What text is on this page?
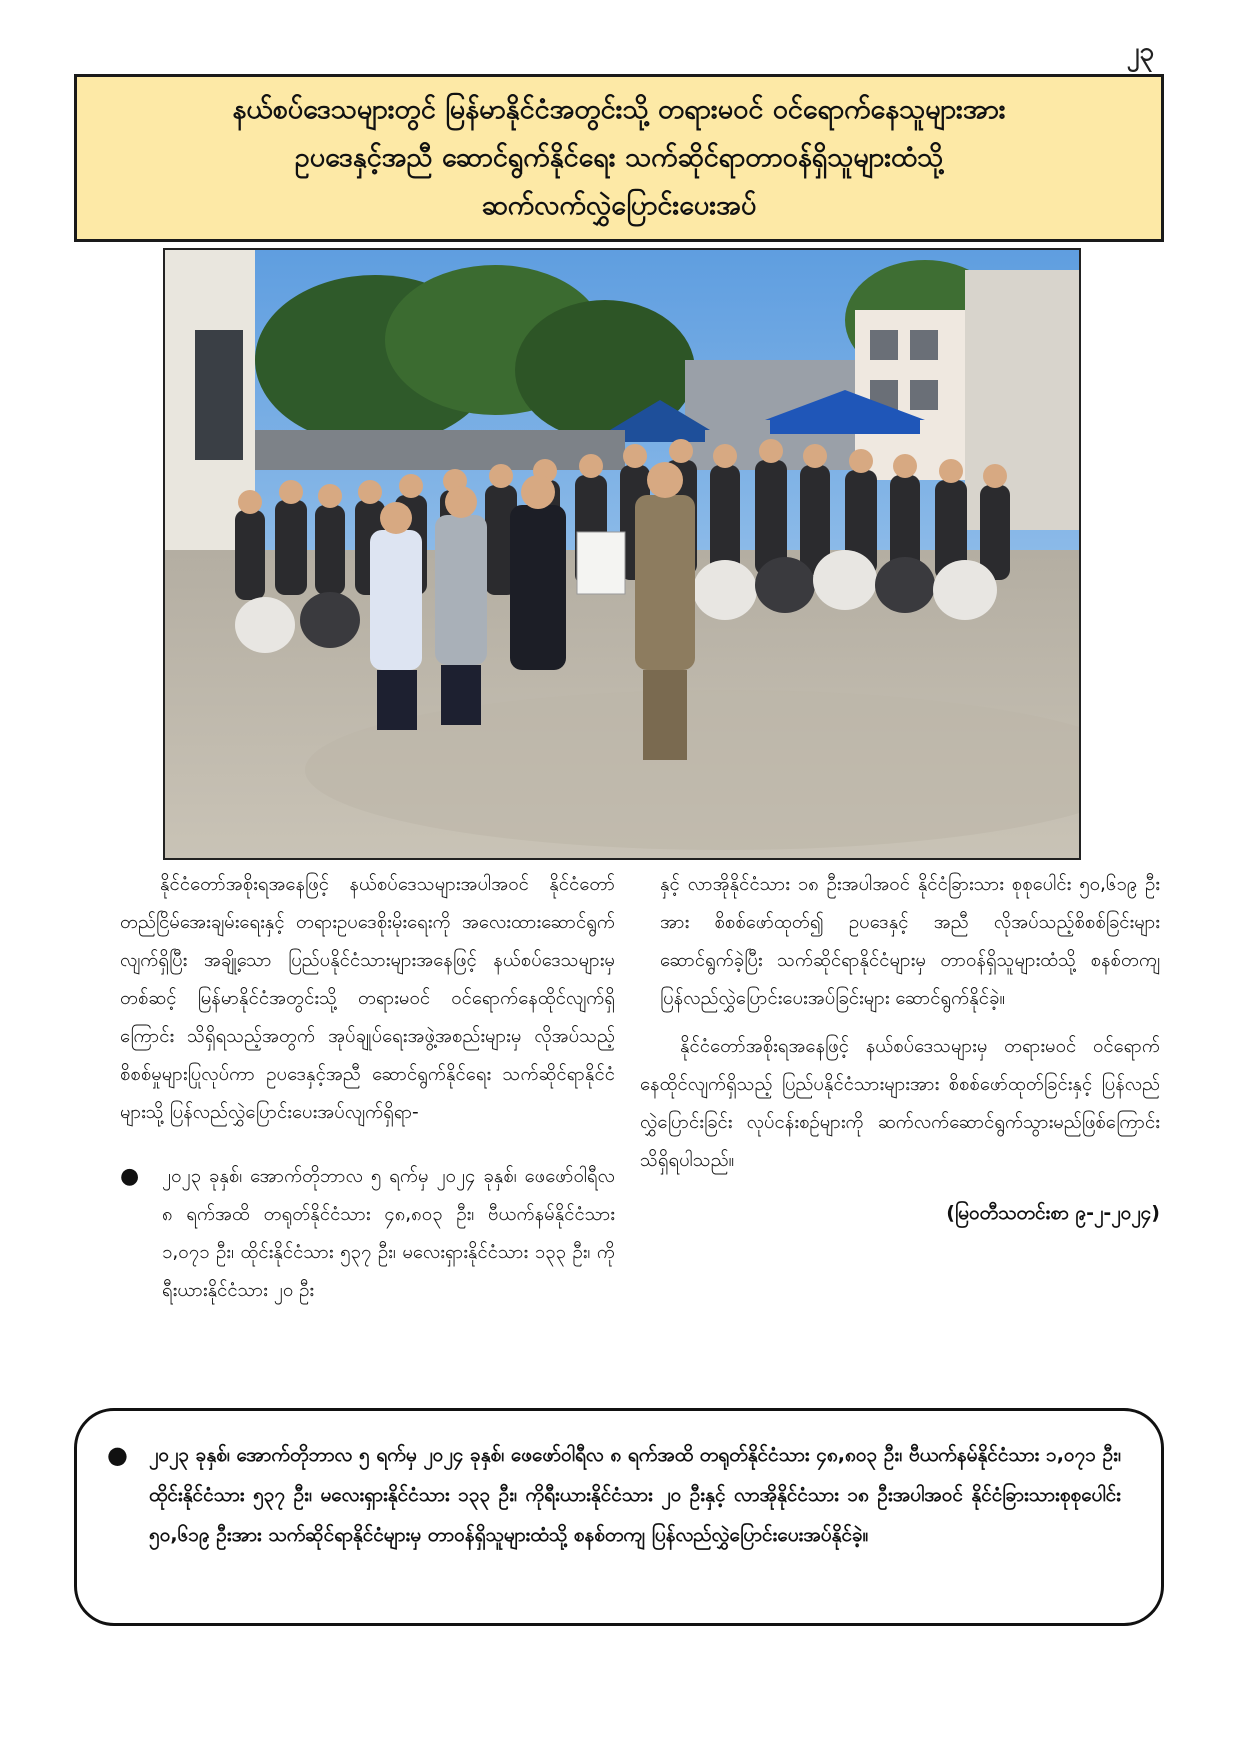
၂၃
နယ်စပ်ဒေသများတွင် မြန်မာနိုင်ငံအတွင်းသို့ တရားမဝင် ဝင်ရောက်နေသူများအား
ဥပဒေနှင့်အညီ ဆောင်ရွက်နိုင်ရေး သက်ဆိုင်ရာတာဝန်ရှိသူများထံသို့
ဆက်လက်လွှဲပြောင်းပေးအပ်

နိုင်ငံတော်အစိုးရအနေဖြင့် နယ်စပ်ဒေသများအပါအဝင် နိုင်ငံတော်တည်ငြိမ်အေးချမ်းရေးနှင့် တရားဥပဒေစိုးမိုးရေးကို အလေးထားဆောင်ရွက်လျက်ရှိပြီး အချို့သော ပြည်ပနိုင်ငံသားများအနေဖြင့် နယ်စပ်ဒေသများမှတစ်ဆင့် မြန်မာနိုင်ငံအတွင်းသို့ တရားမဝင် ဝင်ရောက်နေထိုင်လျက်ရှိကြောင်း သိရှိရသည့်အတွက် အုပ်ချုပ်ရေးအဖွဲ့အစည်းများမှ လိုအပ်သည့် စိစစ်မှုများပြုလုပ်ကာ ဥပဒေနှင့်အညီ ဆောင်ရွက်နိုင်ရေး သက်ဆိုင်ရာနိုင်ငံများသို့ ပြန်လည်လွှဲပြောင်းပေးအပ်လျက်ရှိရာ-

●	၂၀၂၃ ခုနှစ်၊ အောက်တိုဘာလ ၅ ရက်မှ ၂၀၂၄ ခုနှစ်၊ ဖေဖော်ဝါရီလ ၈ ရက်အထိ တရုတ်နိုင်ငံသား ၄၈,၈၀၃ ဦး၊ ဗီယက်နမ်နိုင်ငံသား ၁,၀၇၁ ဦး၊ ထိုင်းနိုင်ငံသား ၅၃၇ ဦး၊ မလေးရှားနိုင်ငံသား ၁၃၃ ဦး၊ ကိုရီးယားနိုင်ငံသား ၂၀ ဦး

နှင့် လာအိုနိုင်ငံသား ၁၈ ဦးအပါအဝင် နိုင်ငံခြားသား စုစုပေါင်း ၅၀,၆၁၉ ဦးအား စိစစ်ဖော်ထုတ်၍ ဥပဒေနှင့် အညီ လိုအပ်သည့်စိစစ်ခြင်းများ ဆောင်ရွက်ခဲ့ပြီး သက်ဆိုင်ရာနိုင်ငံများမှ တာဝန်ရှိသူများထံသို့ စနစ်တကျ ပြန်လည်လွှဲပြောင်းပေးအပ်ခြင်းများ ဆောင်ရွက်နိုင်ခဲ့။

နိုင်ငံတော်အစိုးရအနေဖြင့် နယ်စပ်ဒေသများမှ တရားမဝင် ဝင်ရောက်နေထိုင်လျက်ရှိသည့် ပြည်ပနိုင်ငံသားများအား စိစစ်ဖော်ထုတ်ခြင်းနှင့် ပြန်လည်လွှဲပြောင်းခြင်း လုပ်ငန်းစဉ်များကို ဆက်လက်ဆောင်ရွက်သွားမည်ဖြစ်ကြောင်း သိရှိရပါသည်။

(မြဝတီသတင်းစာ ၉-၂-၂၀၂၄)
●	၂၀၂၃ ခုနှစ်၊ အောက်တိုဘာလ ၅ ရက်မှ ၂၀၂၄ ခုနှစ်၊ ဖေဖော်ဝါရီလ ၈ ရက်အထိ တရုတ်နိုင်ငံသား ၄၈,၈၀၃ ဦး၊ ဗီယက်နမ်နိုင်ငံသား ၁,၀၇၁ ဦး၊ ထိုင်းနိုင်ငံသား ၅၃၇ ဦး၊ မလေးရှားနိုင်ငံသား ၁၃၃ ဦး၊ ကိုရီးယားနိုင်ငံသား ၂၀ ဦးနှင့် လာအိုနိုင်ငံသား ၁၈ ဦးအပါအဝင် နိုင်ငံခြားသားစုစုပေါင်း ၅၀,၆၁၉ ဦးအား သက်ဆိုင်ရာနိုင်ငံများမှ တာဝန်ရှိသူများထံသို့ စနစ်တကျ ပြန်လည်လွှဲပြောင်းပေးအပ်နိုင်ခဲ့။
